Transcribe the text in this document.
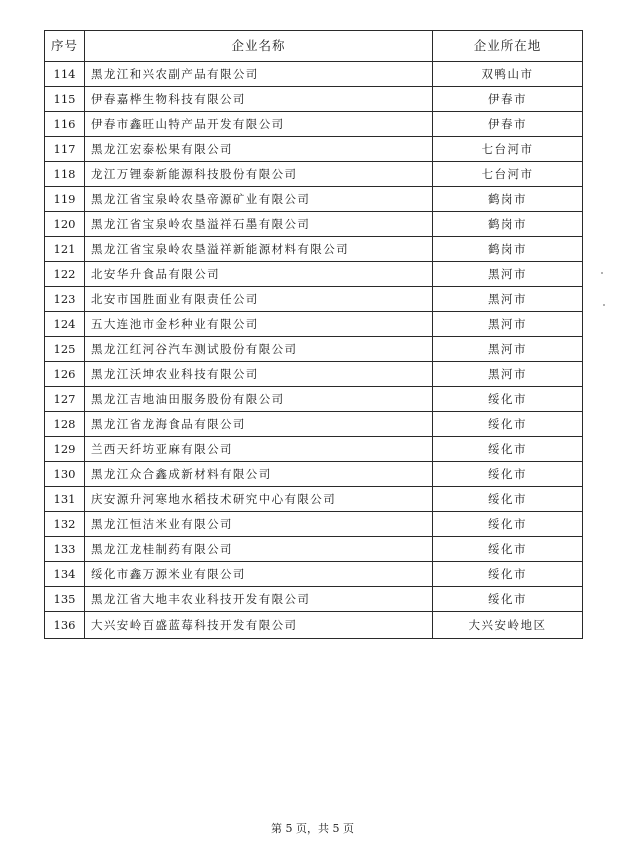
序号	企业名称	企业所在地
114	黑龙江和兴农副产品有限公司	双鸭山市
115	伊春嘉桦生物科技有限公司	伊春市
116	伊春市鑫旺山特产品开发有限公司	伊春市
117	黑龙江宏泰松果有限公司	七台河市
118	龙江万锂泰新能源科技股份有限公司	七台河市
119	黑龙江省宝泉岭农垦帝源矿业有限公司	鹤岗市
120	黑龙江省宝泉岭农垦溢祥石墨有限公司	鹤岗市
121	黑龙江省宝泉岭农垦溢祥新能源材料有限公司	鹤岗市
122	北安华升食品有限公司	黑河市
123	北安市国胜面业有限责任公司	黑河市
124	五大连池市金杉种业有限公司	黑河市
125	黑龙江红河谷汽车测试股份有限公司	黑河市
126	黑龙江沃坤农业科技有限公司	黑河市
127	黑龙江吉地油田服务股份有限公司	绥化市
128	黑龙江省龙海食品有限公司	绥化市
129	兰西天纤坊亚麻有限公司	绥化市
130	黑龙江众合鑫成新材料有限公司	绥化市
131	庆安源升河寒地水稻技术研究中心有限公司	绥化市
132	黑龙江恒洁米业有限公司	绥化市
133	黑龙江龙桂制药有限公司	绥化市
134	绥化市鑫万源米业有限公司	绥化市
135	黑龙江省大地丰农业科技开发有限公司	绥化市
136	大兴安岭百盛蓝莓科技开发有限公司	大兴安岭地区
第 5 页，共 5 页
